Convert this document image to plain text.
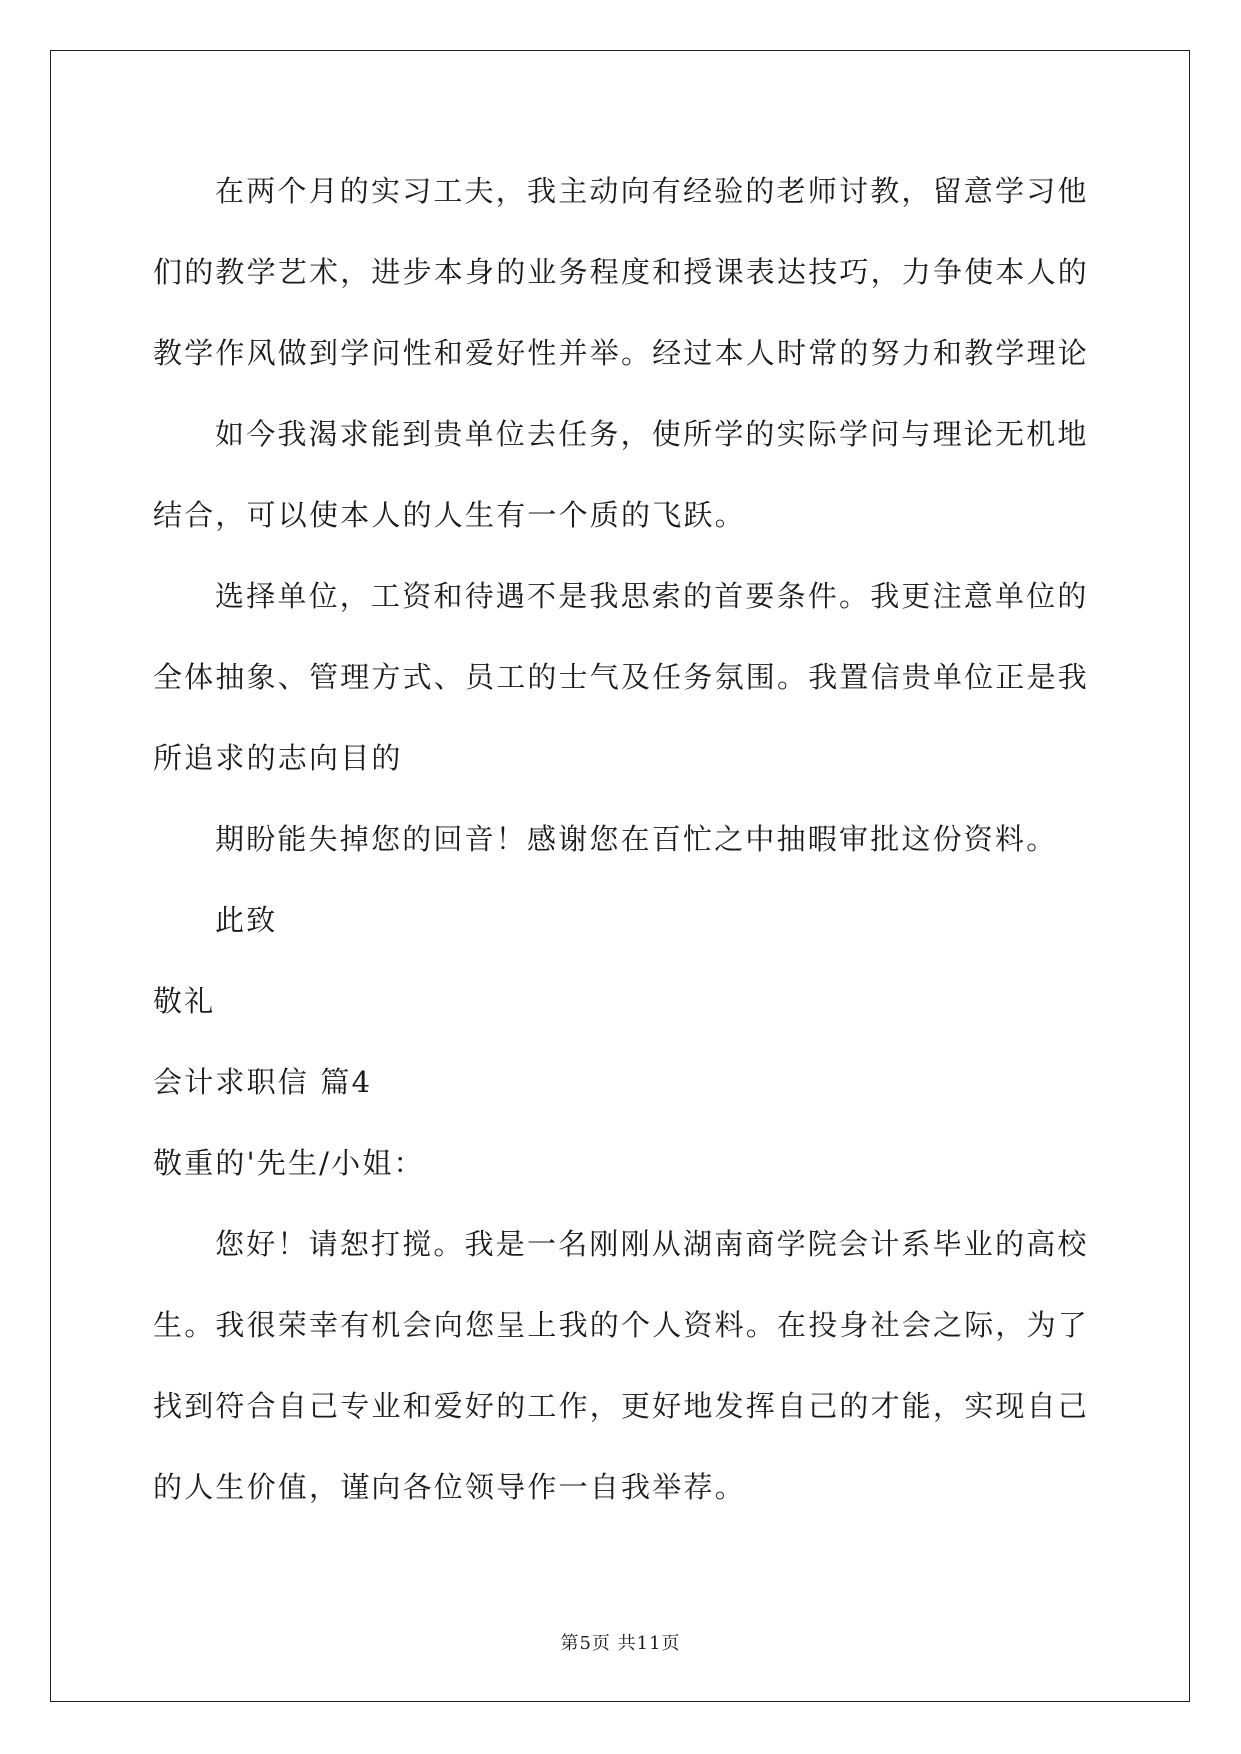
在两个月的实习工夫，我主动向有经验的老师讨教，留意学习他
们的教学艺术，进步本身的业务程度和授课表达技巧，力争使本人的
教学作风做到学问性和爱好性并举。经过本人时常的努力和教学理论
如今我渴求能到贵单位去任务，使所学的实际学问与理论无机地
结合，可以使本人的人生有一个质的飞跃。
选择单位，工资和待遇不是我思索的首要条件。我更注意单位的
全体抽象、管理方式、员工的士气及任务氛围。我置信贵单位正是我
所追求的志向目的
期盼能失掉您的回音！感谢您在百忙之中抽暇审批这份资料。
此致
敬礼
会计求职信 篇4
敬重的'先生/小姐：
您好！请恕打搅。我是一名刚刚从湖南商学院会计系毕业的高校
生。我很荣幸有机会向您呈上我的个人资料。在投身社会之际，为了
找到符合自己专业和爱好的工作，更好地发挥自己的才能，实现自己
的人生价值，谨向各位领导作一自我举荐。
第5页 共11页
